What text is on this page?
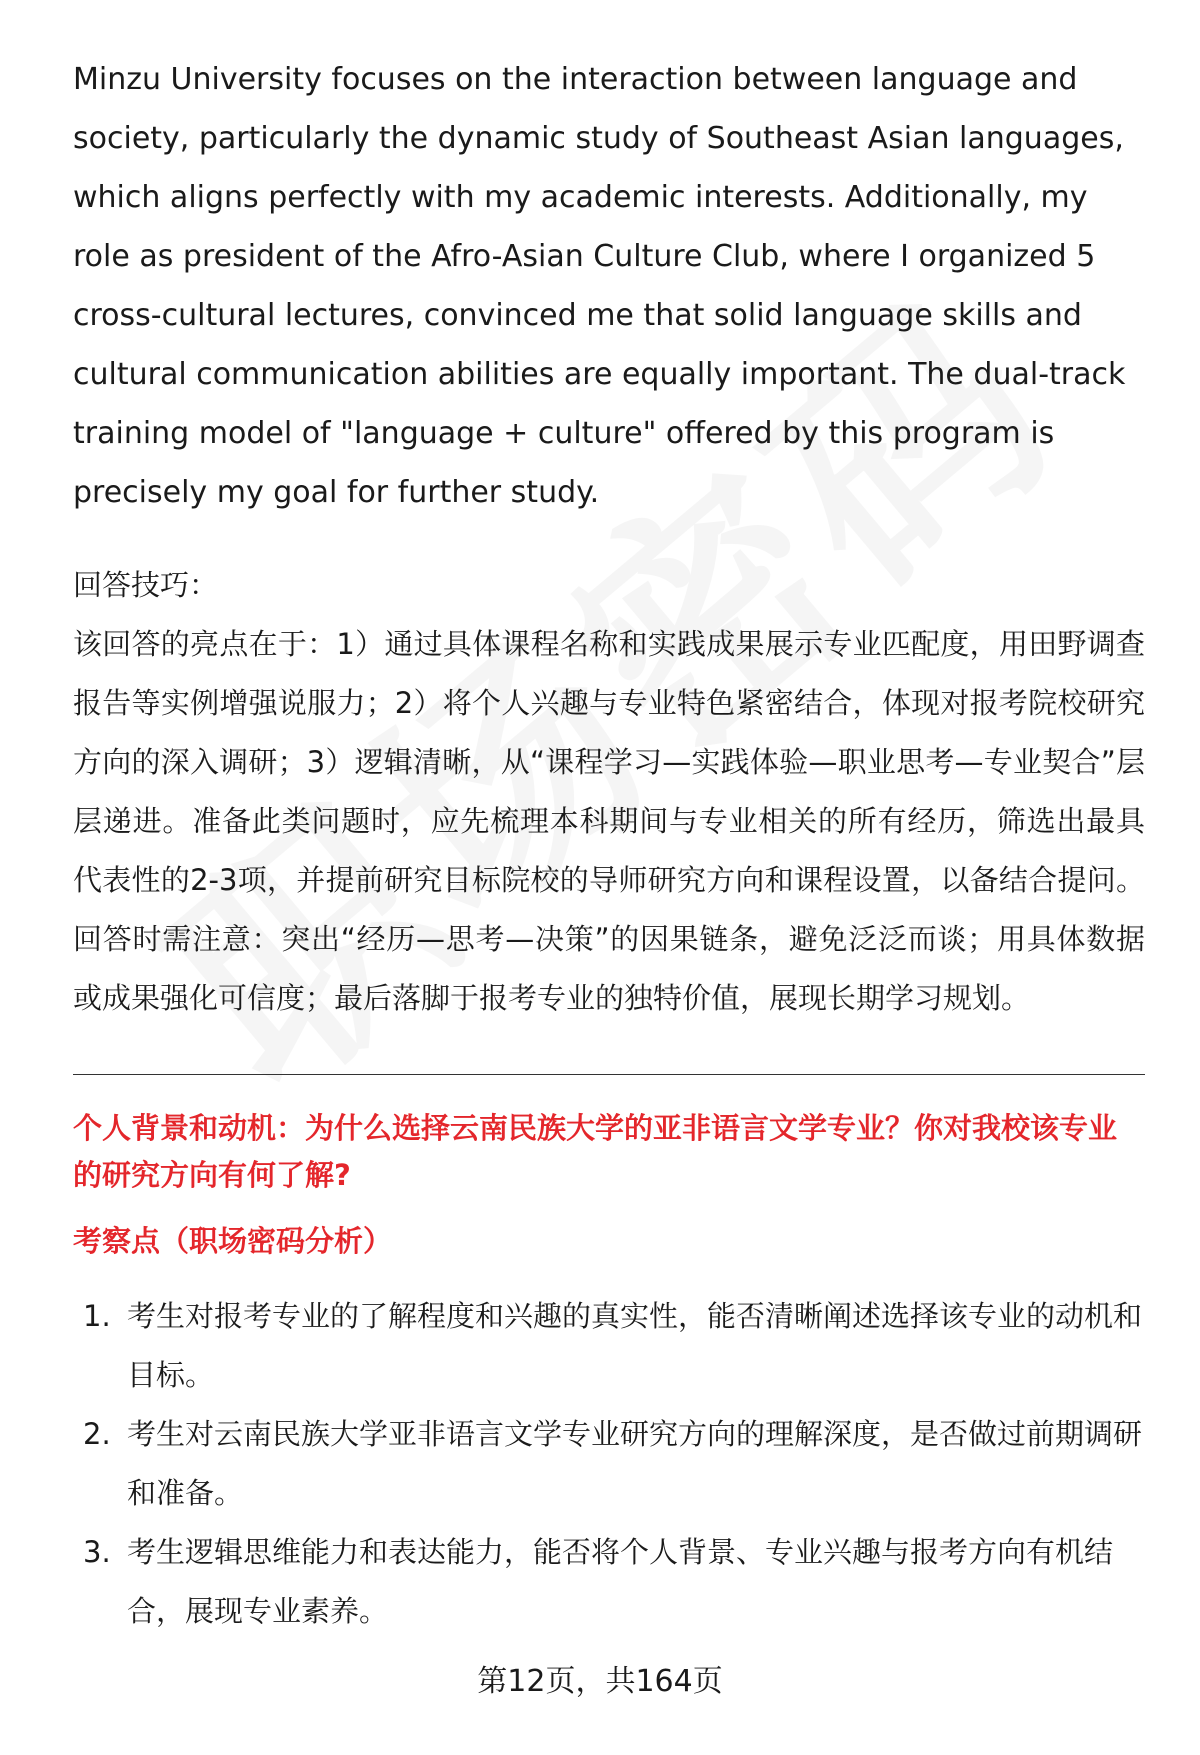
Minzu University focuses on the interaction between language and society, particularly the dynamic study of Southeast Asian languages, which aligns perfectly with my academic interests. Additionally, my role as president of the Afro-Asian Culture Club, where I organized 5 cross-cultural lectures, convinced me that solid language skills and cultural communication abilities are equally important. The dual-track training model of "language + culture" offered by this program is precisely my goal for further study.

回答技巧：

该回答的亮点在于：1）通过具体课程名称和实践成果展示专业匹配度，用田野调查报告等实例增强说服力；2）将个人兴趣与专业特色紧密结合，体现对报考院校研究方向的深入调研；3）逻辑清晰，从“课程学习—实践体验—职业思考—专业契合”层层递进。准备此类问题时，应先梳理本科期间与专业相关的所有经历，筛选出最具代表性的2-3项，并提前研究目标院校的导师研究方向和课程设置，以备结合提问。回答时需注意：突出“经历—思考—决策”的因果链条，避免泛泛而谈；用具体数据或成果强化可信度；最后落脚于报考专业的独特价值，展现长期学习规划。

个人背景和动机：为什么选择云南民族大学的亚非语言文学专业？你对我校该专业的研究方向有何了解?
考察点（职场密码分析）
1. 考生对报考专业的了解程度和兴趣的真实性，能否清晰阐述选择该专业的动机和目标。
2. 考生对云南民族大学亚非语言文学专业研究方向的理解深度，是否做过前期调研和准备。
3. 考生逻辑思维能力和表达能力，能否将个人背景、专业兴趣与报考方向有机结合，展现专业素养。
第12页，共164页
